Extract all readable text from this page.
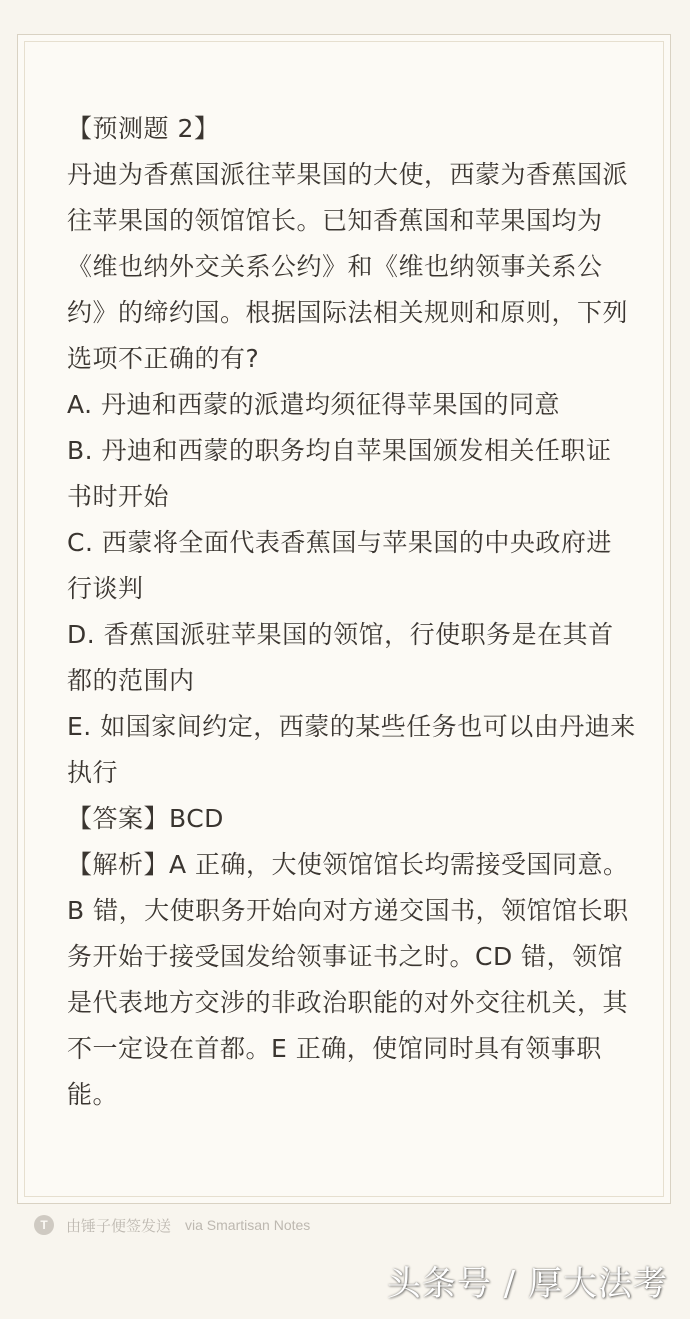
【预测题 2】

丹迪为香蕉国派往苹果国的大使，西蒙为香蕉国派往苹果国的领馆馆长。已知香蕉国和苹果国均为《维也纳外交关系公约》和《维也纳领事关系公约》的缔约国。根据国际法相关规则和原则，下列选项不正确的有?

A. 丹迪和西蒙的派遣均须征得苹果国的同意

B. 丹迪和西蒙的职务均自苹果国颁发相关任职证书时开始

C. 西蒙将全面代表香蕉国与苹果国的中央政府进行谈判

D. 香蕉国派驻苹果国的领馆，行使职务是在其首都的范围内

E. 如国家间约定，西蒙的某些任务也可以由丹迪来执行

【答案】BCD

【解析】A 正确，大使领馆馆长均需接受国同意。B 错，大使职务开始向对方递交国书，领馆馆长职务开始于接受国发给领事证书之时。CD 错，领馆是代表地方交涉的非政治职能的对外交往机关，其不一定设在首都。E 正确，使馆同时具有领事职能。

T	由锤子便签发送 via Smartisan Notes
头条号 / 厚大法考
